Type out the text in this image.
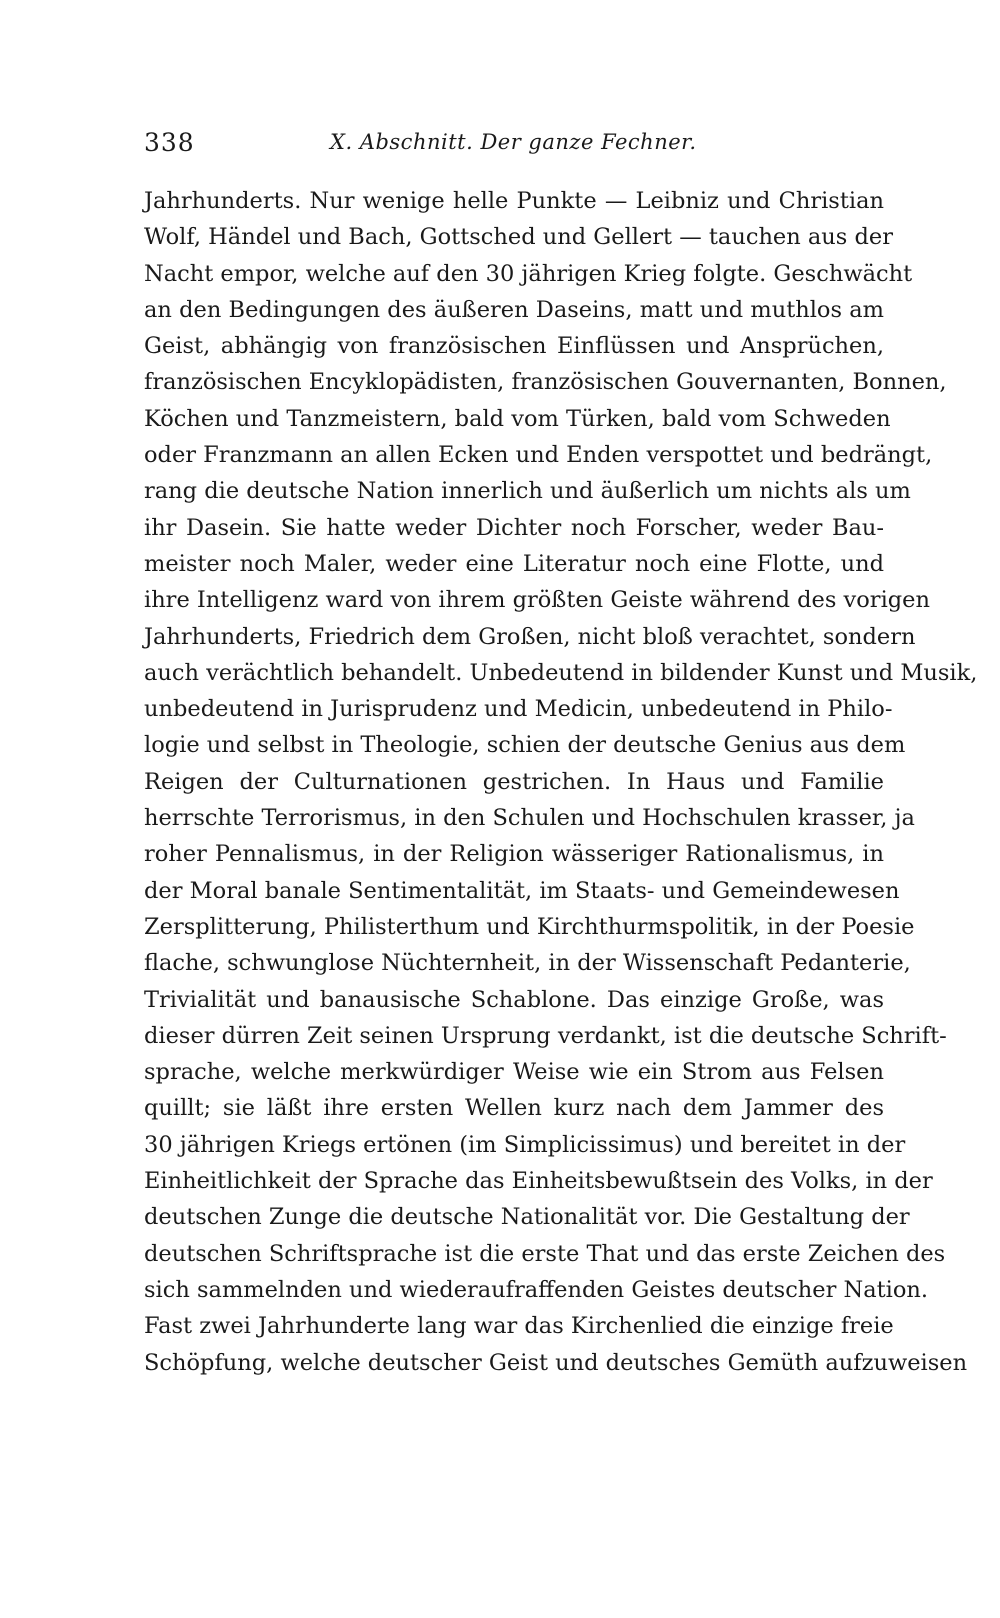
338	X. Abschnitt. Der ganze Fechner.
Jahrhunderts. Nur wenige helle Punkte — Leibniz und Christian
Wolf, Händel und Bach, Gottsched und Gellert — tauchen aus der
Nacht empor, welche auf den 30 jährigen Krieg folgte. Geschwächt
an den Bedingungen des äußeren Daseins, matt und muthlos am
Geist, abhängig von französischen Einflüssen und Ansprüchen,
französischen Encyklopädisten, französischen Gouvernanten, Bonnen,
Köchen und Tanzmeistern, bald vom Türken, bald vom Schweden
oder Franzmann an allen Ecken und Enden verspottet und bedrängt,
rang die deutsche Nation innerlich und äußerlich um nichts als um
ihr Dasein. Sie hatte weder Dichter noch Forscher, weder Bau-
meister noch Maler, weder eine Literatur noch eine Flotte, und
ihre Intelligenz ward von ihrem größten Geiste während des vorigen
Jahrhunderts, Friedrich dem Großen, nicht bloß verachtet, sondern
auch verächtlich behandelt. Unbedeutend in bildender Kunst und Musik,
unbedeutend in Jurisprudenz und Medicin, unbedeutend in Philo-
logie und selbst in Theologie, schien der deutsche Genius aus dem
Reigen der Culturnationen gestrichen. In Haus und Familie
herrschte Terrorismus, in den Schulen und Hochschulen krasser, ja
roher Pennalismus, in der Religion wässeriger Rationalismus, in
der Moral banale Sentimentalität, im Staats- und Gemeindewesen
Zersplitterung, Philisterthum und Kirchthurmspolitik, in der Poesie
flache, schwunglose Nüchternheit, in der Wissenschaft Pedanterie,
Trivialität und banausische Schablone. Das einzige Große, was
dieser dürren Zeit seinen Ursprung verdankt, ist die deutsche Schrift-
sprache, welche merkwürdiger Weise wie ein Strom aus Felsen
quillt; sie läßt ihre ersten Wellen kurz nach dem Jammer des
30 jährigen Kriegs ertönen (im Simplicissimus) und bereitet in der
Einheitlichkeit der Sprache das Einheitsbewußtsein des Volks, in der
deutschen Zunge die deutsche Nationalität vor. Die Gestaltung der
deutschen Schriftsprache ist die erste That und das erste Zeichen des
sich sammelnden und wiederaufraffenden Geistes deutscher Nation.
Fast zwei Jahrhunderte lang war das Kirchenlied die einzige freie
Schöpfung, welche deutscher Geist und deutsches Gemüth aufzuweisen
